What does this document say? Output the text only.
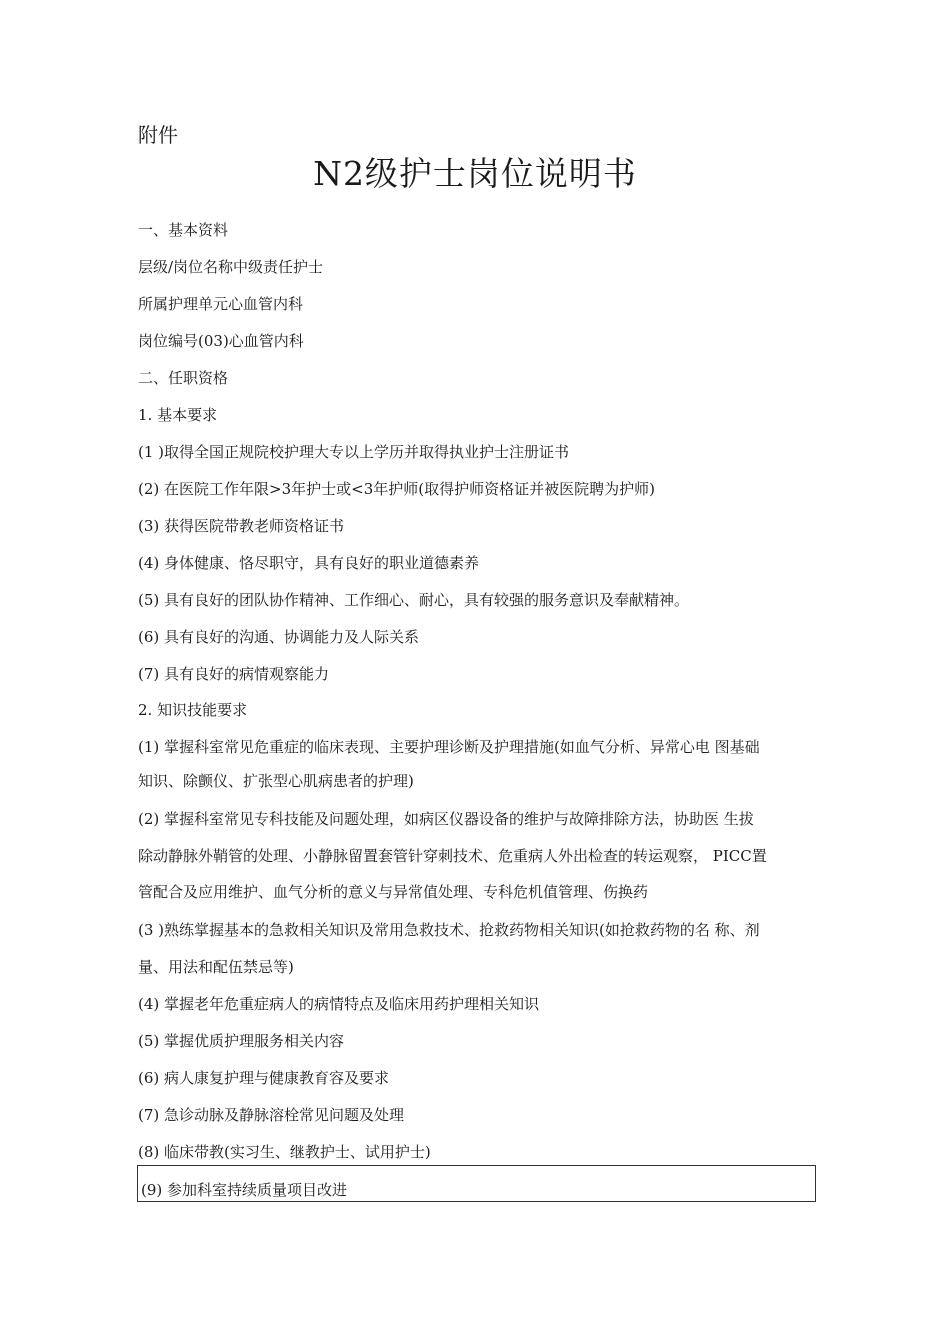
附件
N2级护士岗位说明书
一、基本资料
层级/岗位名称中级责任护士
所属护理单元心血管内科
岗位编号(03)心血管内科
二、任职资格
1. 基本要求
(1 )取得全国正规院校护理大专以上学历并取得执业护士注册证书
(2) 在医院工作年限>3年护士或<3年护师(取得护师资格证并被医院聘为护师)
(3) 获得医院带教老师资格证书
(4) 身体健康、恪尽职守，具有良好的职业道德素养
(5) 具有良好的团队协作精神、工作细心、耐心，具有较强的服务意识及奉献精神。
(6) 具有良好的沟通、协调能力及人际关系
(7) 具有良好的病情观察能力
2. 知识技能要求
(1) 掌握科室常见危重症的临床表现、主要护理诊断及护理措施(如血气分析、异常心电 图基础
知识、除颤仪、扩张型心肌病患者的护理)
(2) 掌握科室常见专科技能及问题处理，如病区仪器设备的维护与故障排除方法，协助医 生拔
除动静脉外鞘管的处理、小静脉留置套管针穿刺技术、危重病人外出检查的转运观察， PICC置
管配合及应用维护、血气分析的意义与异常值处理、专科危机值管理、伤换药
(3 )熟练掌握基本的急救相关知识及常用急救技术、抢救药物相关知识(如抢救药物的名 称、剂
量、用法和配伍禁忌等)
(4) 掌握老年危重症病人的病情特点及临床用药护理相关知识
(5) 掌握优质护理服务相关内容
(6) 病人康复护理与健康教育容及要求
(7) 急诊动脉及静脉溶栓常见问题及处理
(8) 临床带教(实习生、继教护士、试用护士)
(9) 参加科室持续质量项目改进
